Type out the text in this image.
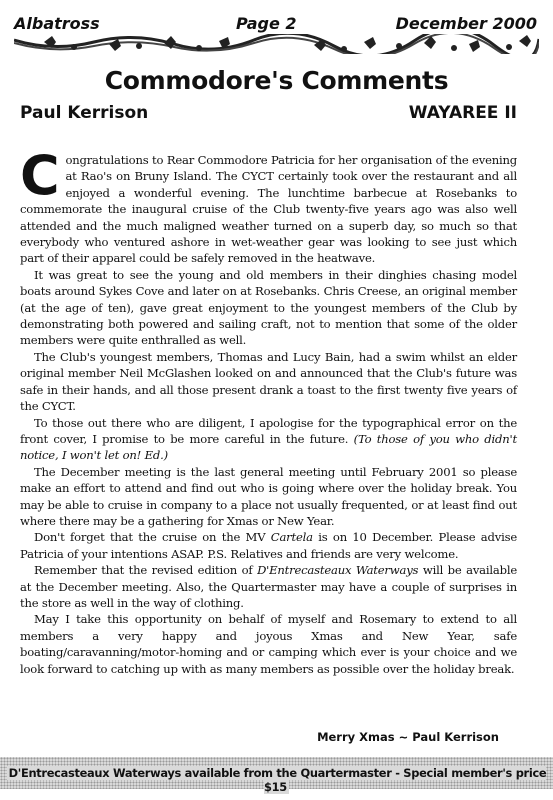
Albatross	Page 2	December 2000
Commodore's Comments
Paul Kerrison	WAYAREE II

Congratulations to Rear Commodore Patricia for her organisation of the evening at Rao's on Bruny Island. The CYCT certainly took over the restaurant and all enjoyed a wonderful evening. The lunchtime barbecue at Rosebanks to commemorate the inaugural cruise of the Club twenty-five years ago was also well attended and the much maligned weather turned on a superb day, so much so that everybody who ventured ashore in wet-weather gear was looking to see just which part of their apparel could be safely removed in the heatwave.

It was great to see the young and old members in their dinghies chasing model boats around Sykes Cove and later on at Rosebanks. Chris Creese, an original member (at the age of ten), gave great enjoyment to the youngest members of the Club by demonstrating both powered and sailing craft, not to mention that some of the older members were quite enthralled as well.

The Club's youngest members, Thomas and Lucy Bain, had a swim whilst an elder original member Neil McGlashen looked on and announced that the Club's future was safe in their hands, and all those present drank a toast to the first twenty five years of the CYCT.

To those out there who are diligent, I apologise for the typographical error on the front cover, I promise to be more careful in the future. (To those of you who didn't notice, I won't let on! Ed.)

The December meeting is the last general meeting until February 2001 so please make an effort to attend and find out who is going where over the holiday break. You may be able to cruise in company to a place not usually frequented, or at least find out where there may be a gathering for Xmas or New Year.

Don't forget that the cruise on the MV Cartela is on 10 December. Please advise Patricia of your intentions ASAP. P.S. Relatives and friends are very welcome.

Remember that the revised edition of D'Entrecasteaux Waterways will be available at the December meeting. Also, the Quartermaster may have a couple of surprises in the store as well in the way of clothing.

May I take this opportunity on behalf of myself and Rosemary to extend to all members a very happy and joyous Xmas and New Year, safe boating/caravanning/motor-homing and or camping which ever is your choice and we look forward to catching up with as many members as possible over the holiday break.

Merry Xmas ~ Paul Kerrison
D'Entrecasteaux Waterways available from the Quartermaster - Special member's price $15
